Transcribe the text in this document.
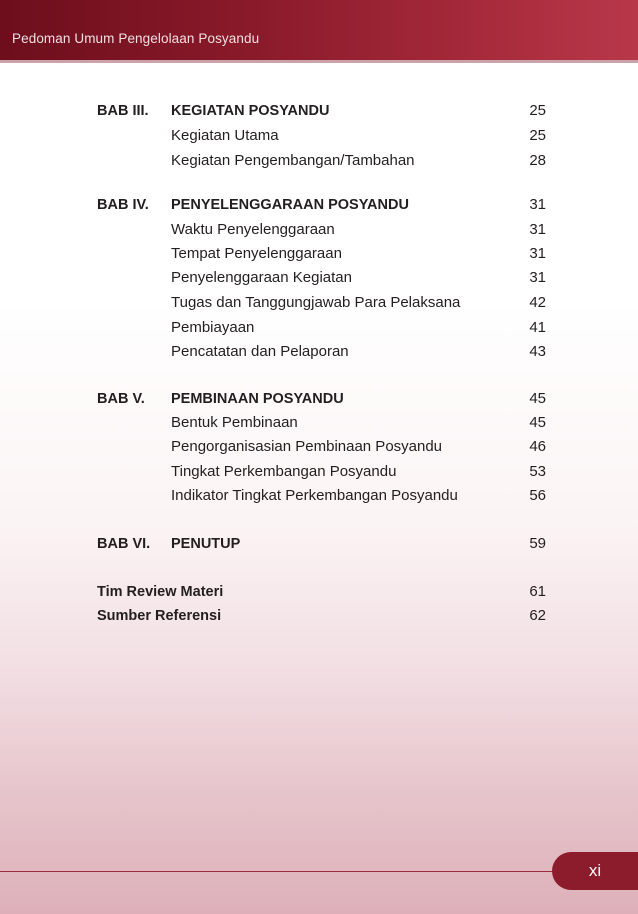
Pedoman Umum Pengelolaan Posyandu
BAB III. KEGIATAN POSYANDU	25
Kegiatan Utama	25
Kegiatan Pengembangan/Tambahan	28
BAB IV. PENYELENGGARAAN POSYANDU	31
Waktu Penyelenggaraan	31
Tempat Penyelenggaraan	31
Penyelenggaraan Kegiatan	31
Tugas dan Tanggungjawab Para Pelaksana	42
Pembiayaan	41
Pencatatan dan Pelaporan	43
BAB V. PEMBINAAN POSYANDU	45
Bentuk Pembinaan	45
Pengorganisasian Pembinaan Posyandu	46
Tingkat Perkembangan Posyandu	53
Indikator Tingkat Perkembangan Posyandu	56
BAB VI. PENUTUP	59
Tim Review Materi	61
Sumber Referensi	62
xi
